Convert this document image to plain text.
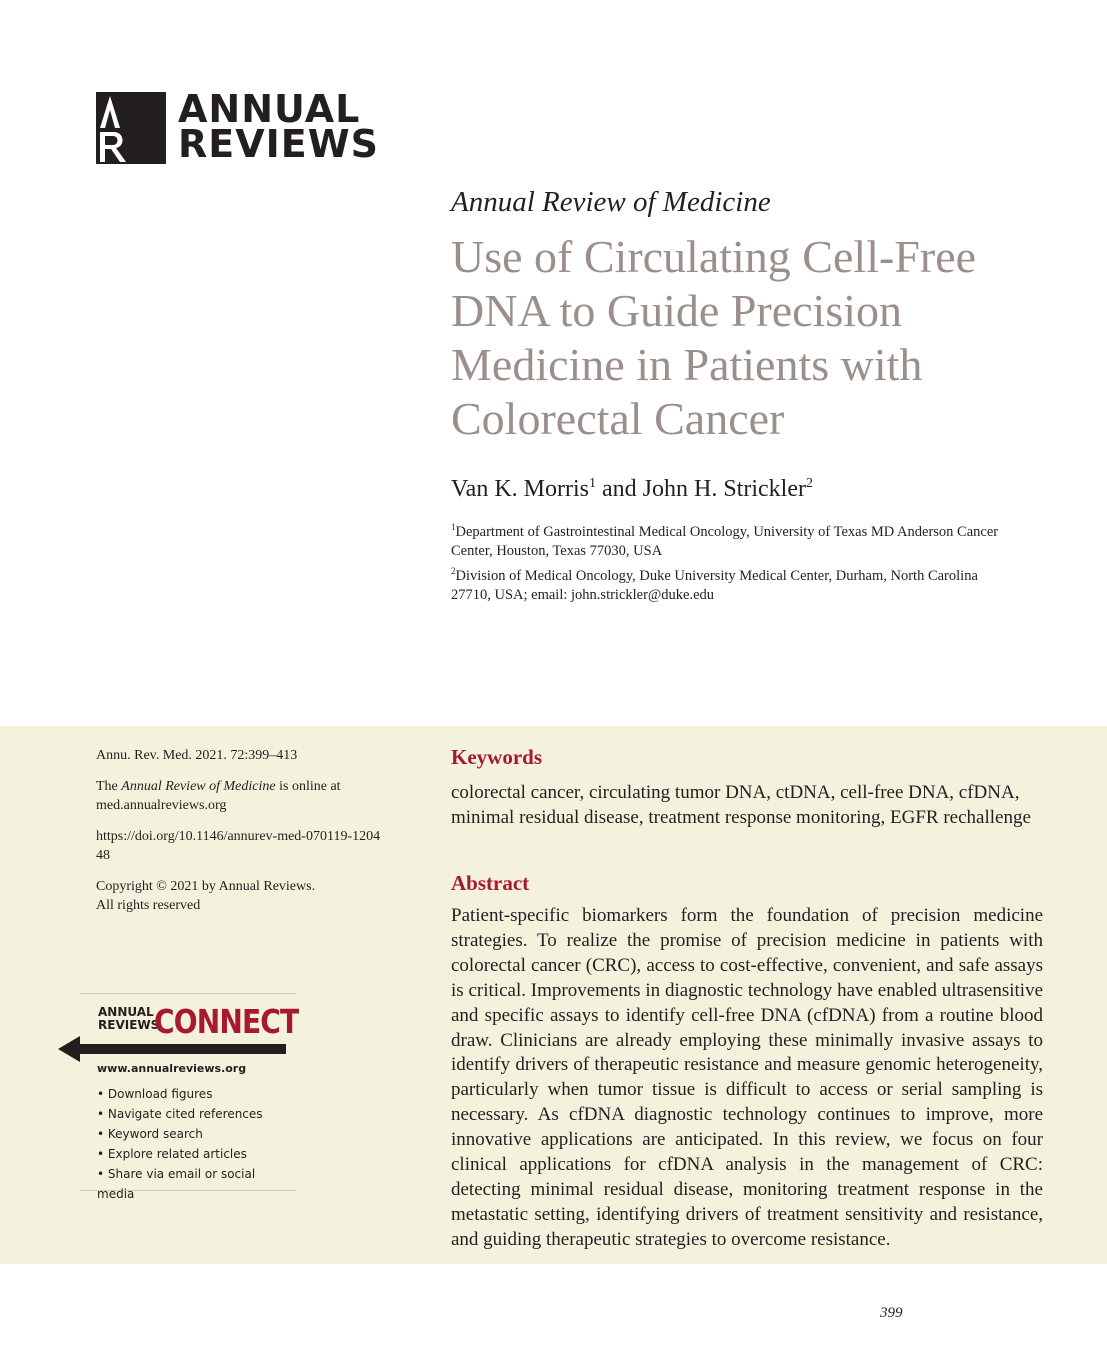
ANNUAL
REVIEWS
Annual Review of Medicine
Use of Circulating Cell-Free DNA to Guide Precision Medicine in Patients with Colorectal Cancer
Van K. Morris$^1$ and John H. Strickler$^2$
$^1$Department of Gastrointestinal Medical Oncology, University of Texas MD Anderson Cancer Center, Houston, Texas 77030, USA
$^2$Division of Medical Oncology, Duke University Medical Center, Durham, North Carolina 27710, USA; email: john.strickler@duke.edu
Annu. Rev. Med. 2021. 72:399–413
The Annual Review of Medicine is online at med.annualreviews.org
https://doi.org/10.1146/annurev-med-070119-120448
Copyright © 2021 by Annual Reviews.
All rights reserved
ANNUAL
REVIEWS
CONNECT
www.annualreviews.org
• Download figures
• Navigate cited references
• Keyword search
• Explore related articles
• Share via email or social media
Keywords
colorectal cancer, circulating tumor DNA, ctDNA, cell-free DNA, cfDNA, minimal residual disease, treatment response monitoring, EGFR rechallenge
Abstract
Patient-specific biomarkers form the foundation of precision medicine strategies. To realize the promise of precision medicine in patients with colorectal cancer (CRC), access to cost-effective, convenient, and safe assays is critical. Improvements in diagnostic technology have enabled ultrasensitive and specific assays to identify cell-free DNA (cfDNA) from a routine blood draw. Clinicians are already employing these minimally invasive assays to identify drivers of therapeutic resistance and measure genomic heterogeneity, particularly when tumor tissue is difficult to access or serial sampling is necessary. As cfDNA diagnostic technology continues to improve, more innovative applications are anticipated. In this review, we focus on four clinical applications for cfDNA analysis in the management of CRC: detecting minimal residual disease, monitoring treatment response in the metastatic setting, identifying drivers of treatment sensitivity and resistance, and guiding therapeutic strategies to overcome resistance.
399
